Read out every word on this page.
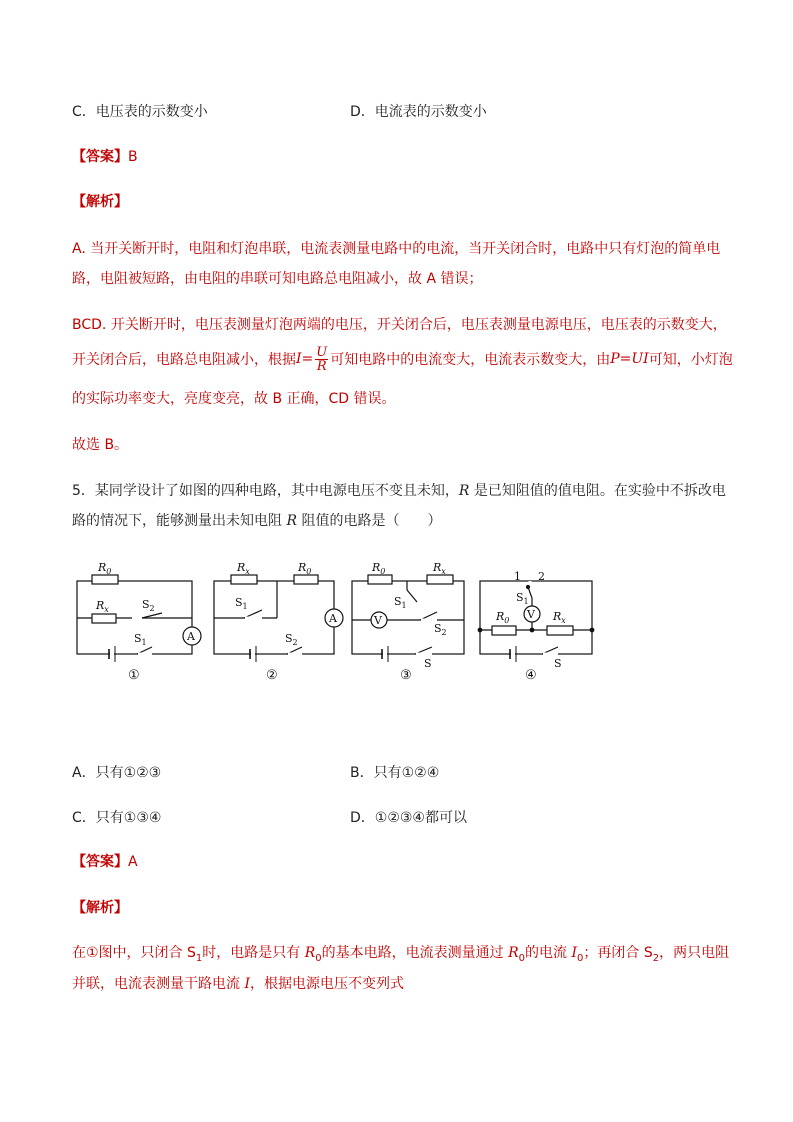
C．电压表的示数变小	D．电流表的示数变小
【答案】B
【解析】
A. 当开关断开时，电阻和灯泡串联，电流表测量电路中的电流，当开关闭合时，电路中只有灯泡的简单电
路，电阻被短路，由电阻的串联可知电路总电阻减小，故 A 错误；
BCD. 开关断开时，电压表测量灯泡两端的电压，开关闭合后，电压表测量电源电压，电压表的示数变大，
开关闭合后，电路总电阻减小，根据 $I= \frac{U}{R}$ 可知电路中的电流变大，电流表示数变大，由 P=UI 可知，小灯泡
的实际功率变大，亮度变亮，故 B 正确，CD 错误。
故选 B。
5．某同学设计了如图的四种电路，其中电源电压不变且未知，R 是已知阻值的值电阻。在实验中不拆改电
路的情况下，能够测量出未知电阻 R 阻值的电路是（　　）
$R_0$
$R_x$	$S_2$
A
$S_1$
①
$R_x$	$R_0$
$S_1$
A
$S_2$
②
$R_0$	$R_x$
$S_1$
V
$S_2$
S
③
1 2
$S_1$
V
$R_0$	$R_x$
S
④
A．只有①②③	B．只有①②④
C．只有①③④	D．①②③④都可以
【答案】A
【解析】
在①图中，只闭合 $S_1$时，电路是只有 $R_0$的基本电路，电流表测量通过 $R_0$的电流 $I_0$；再闭合 $S_2$，两只电阻
并联，电流表测量干路电流 I，根据电源电压不变列式
